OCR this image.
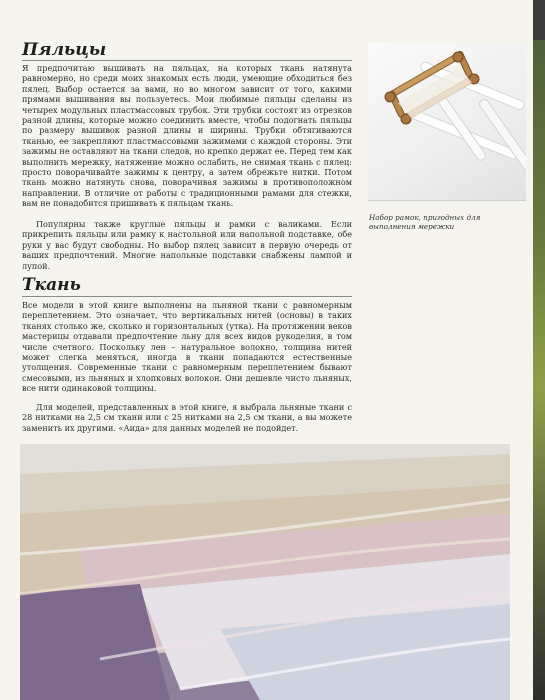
Пяльцы

Я предпочитаю вышивать на пяльцах, на которых ткань натянута равномерно, но среди моих знакомых есть люди, умеющие обходиться без пялец. Выбор остается за вами, но во многом зависит от того, какими прямами вышивания вы пользуетесь. Мои любимые пяльцы сделаны из четырех модульных пластмассовых трубок. Эти трубки состоят из отрезков разной длины, которые можно соединить вместе, чтобы подогнать пяльцы по размеру вышивок разной длины и ширины. Трубки обтягиваются тканью, ее закрепляют пластмассовыми зажимами с каждой стороны. Эти зажимы не оставляют на ткани следов, но крепко держат ее. Перед тем как выполнить мережку, натяжение можно ослабить, не снимая ткань с пялец: просто поворачивайте зажимы к центру, а затем обрежьте нитки. Потом ткань можно натянуть снова, поворачивая зажимы в противоположном направлении. В отличие от работы с традиционными рамами для стежки, вам не понадобится пришивать к пяльцам ткань.

Популярны также круглые пяльцы и рамки с валиками. Если прикрепить пяльцы или рамку к настольной или напольной подставке, обе руки у вас будут свободны. Но выбор пялец зависит в первую очередь от ваших предпочтений. Многие напольные подставки снабжены лампой и лупой.

Набор рамок, пригодных для выполнения мережки

Ткань

Все модели в этой книге выполнены на льняной ткани с равномерным переплетением. Это означает, что вертикальных нитей (основы) в таких тканях столько же, сколько и горизонтальных (утка). На протяжении веков мастерицы отдавали предпочтение льну для всех видов рукоделия, в том числе счетного. Поскольку лен – натуральное волокно, толщина нитей может слегка меняться, иногда в ткани попадаются естественные утолщения. Современные ткани с равномерным переплетением бывают смесовыми, из льняных и хлопковых волокон. Они дешевле чисто льняных, все нити одинаковой толщины.

Для моделей, представленных в этой книге, я выбрала льняные ткани с 28 нитками на 2,5 см ткани или с 25 нитками на 2,5 см ткани, а вы можете заменить их другими. «Аида» для данных моделей не подойдет.
